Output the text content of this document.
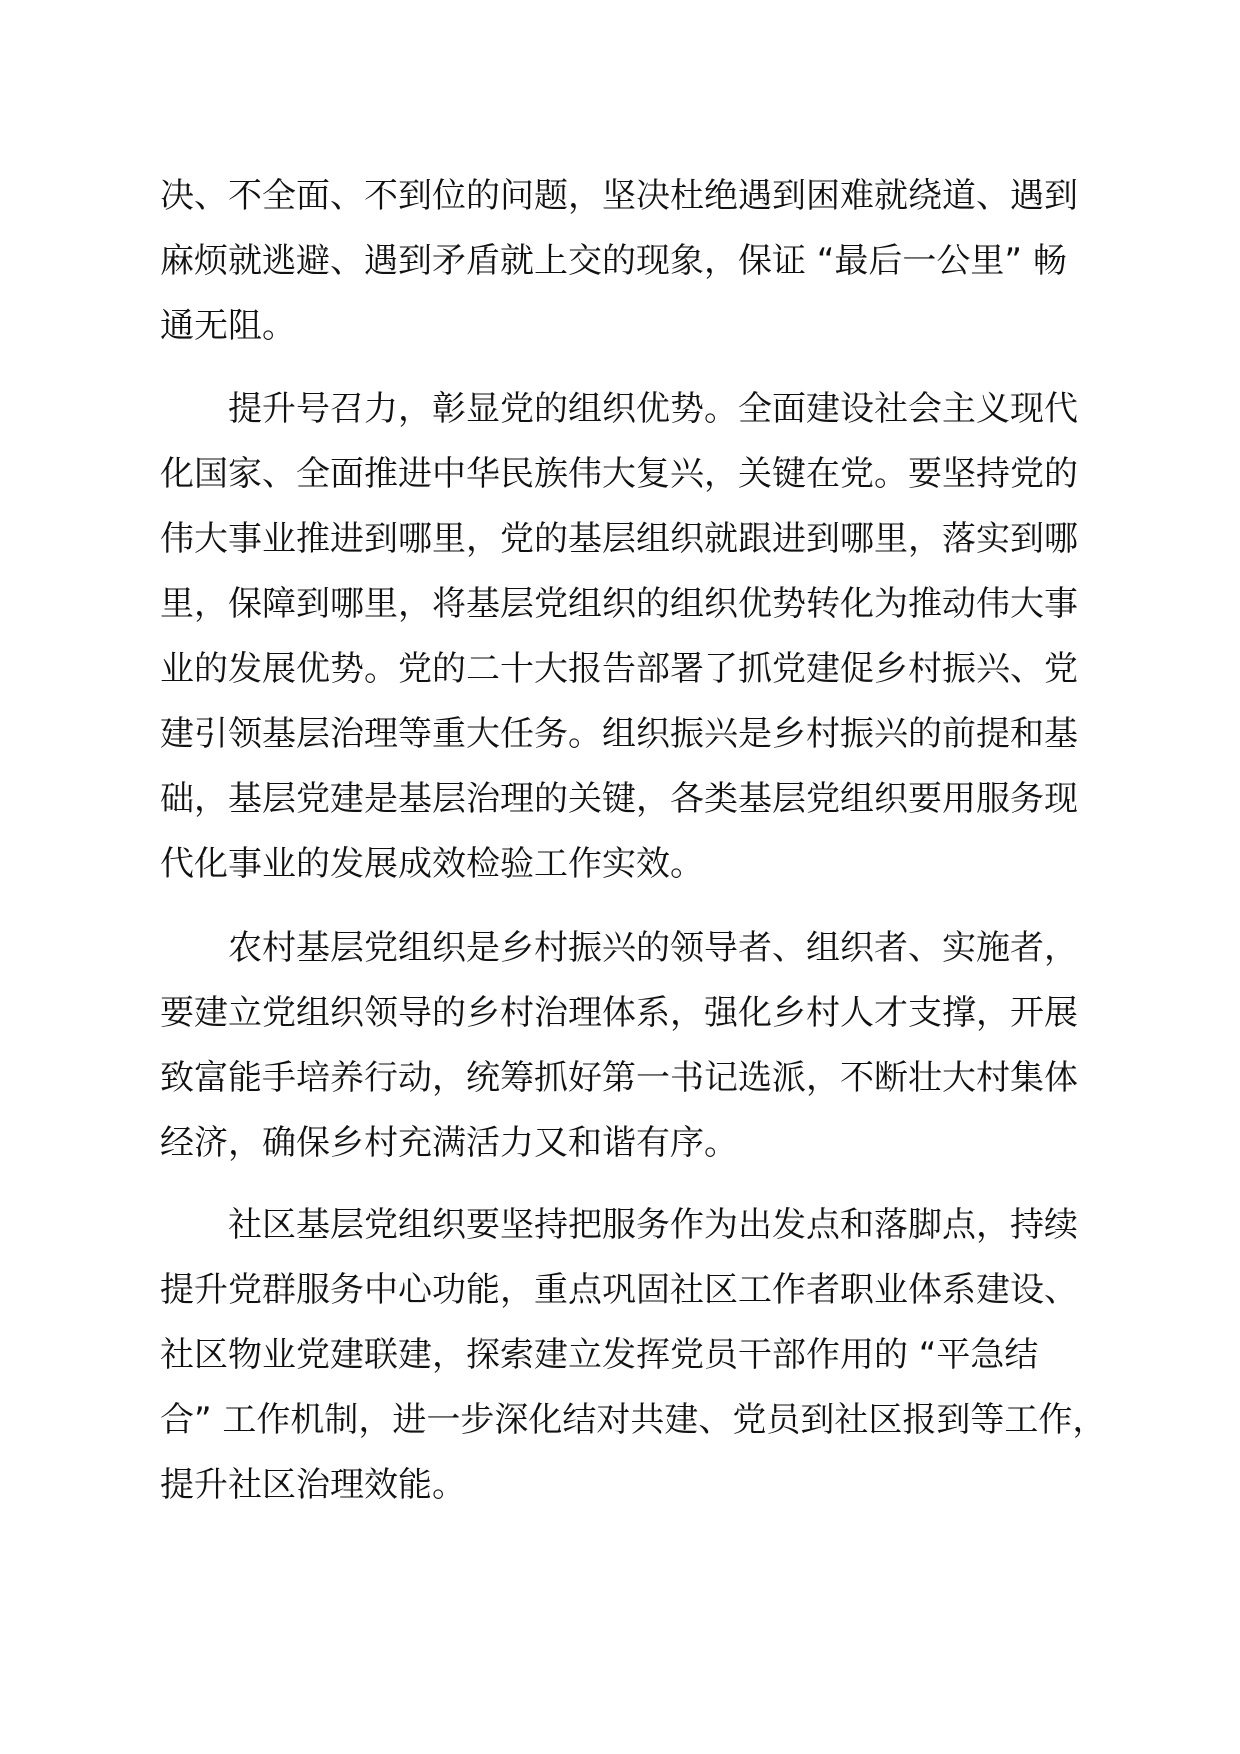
决、不全面、不到位的问题，坚决杜绝遇到困难就绕道、遇到
麻烦就逃避、遇到矛盾就上交的现象，保证 “最后一公里” 畅
通无阻。
提升号召力，彰显党的组织优势。全面建设社会主义现代
化国家、全面推进中华民族伟大复兴，关键在党。要坚持党的
伟大事业推进到哪里，党的基层组织就跟进到哪里，落实到哪
里，保障到哪里，将基层党组织的组织优势转化为推动伟大事
业的发展优势。党的二十大报告部署了抓党建促乡村振兴、党
建引领基层治理等重大任务。组织振兴是乡村振兴的前提和基
础，基层党建是基层治理的关键，各类基层党组织要用服务现
代化事业的发展成效检验工作实效。
农村基层党组织是乡村振兴的领导者、组织者、实施者，
要建立党组织领导的乡村治理体系，强化乡村人才支撑，开展
致富能手培养行动，统筹抓好第一书记选派，不断壮大村集体
经济，确保乡村充满活力又和谐有序。
社区基层党组织要坚持把服务作为出发点和落脚点，持续
提升党群服务中心功能，重点巩固社区工作者职业体系建设、
社区物业党建联建，探索建立发挥党员干部作用的 “平急结
合” 工作机制，进一步深化结对共建、党员到社区报到等工作，
提升社区治理效能。
